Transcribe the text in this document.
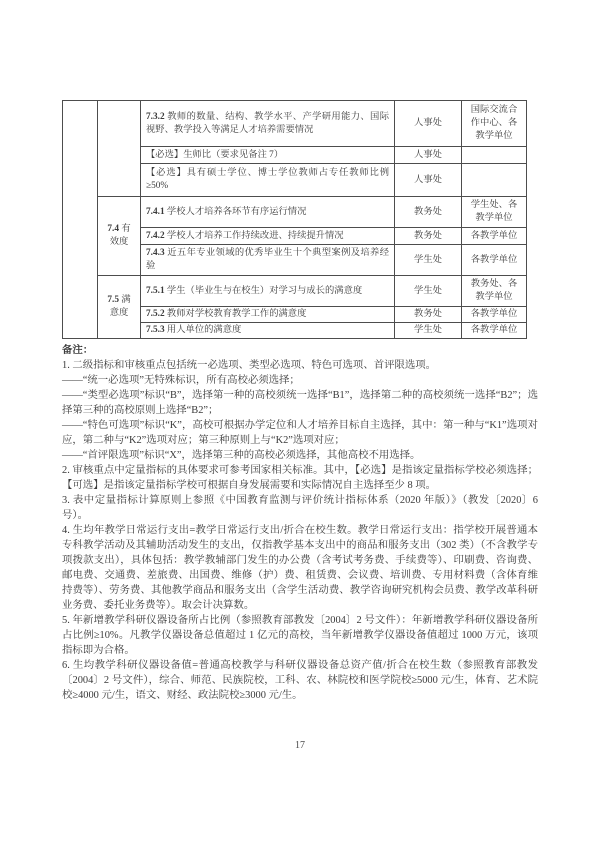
		7.3.2 教师的数量、结构、教学水平、产学研用能力、国际视野、教学投入等满足人才培养需要情况	人事处	国际交流合作中心、各教学单位
		【必选】生师比（要求见备注 7）	人事处	
		【必选】具有硕士学位、博士学位教师占专任教师比例≥50%	人事处	
	7.4 有效度	7.4.1 学校人才培养各环节有序运行情况	教务处	学生处、各教学单位
		7.4.2 学校人才培养工作持续改进、持续提升情况	教务处	各教学单位
		7.4.3 近五年专业领域的优秀毕业生十个典型案例及培养经验	学生处	各教学单位
	7.5 满意度	7.5.1 学生（毕业生与在校生）对学习与成长的满意度	学生处	教务处、各教学单位
		7.5.2 教师对学校教育教学工作的满意度	教务处	各教学单位
		7.5.3 用人单位的满意度	学生处	各教学单位

备注：

1. 二级指标和审核重点包括统一必选项、类型必选项、特色可选项、首评限选项。

——“统一必选项”无特殊标识，所有高校必须选择；

——“类型必选项”标识“B”，选择第一种的高校须统一选择“B1”，选择第二种的高校须统一选择“B2”；选择第三种的高校原则上选择“B2”；

——“特色可选项”标识“K”，高校可根据办学定位和人才培养目标自主选择，其中：第一种与“K1”选项对应，第二种与“K2”选项对应；第三种原则上与“K2”选项对应；

——“首评限选项”标识“X”，选择第三种的高校必须选择，其他高校不用选择。

2. 审核重点中定量指标的具体要求可参考国家相关标准。其中，【必选】是指该定量指标学校必须选择；【可选】是指该定量指标学校可根据自身发展需要和实际情况自主选择至少 8 项。

3. 表中定量指标计算原则上参照《中国教育监测与评价统计指标体系（2020 年版）》（教发〔2020〕6 号）。

4. 生均年教学日常运行支出=教学日常运行支出/折合在校生数。教学日常运行支出：指学校开展普通本专科教学活动及其辅助活动发生的支出，仅指教学基本支出中的商品和服务支出（302 类）（不含教学专项拨款支出），具体包括：教学教辅部门发生的办公费（含考试考务费、手续费等）、印刷费、咨询费、邮电费、交通费、差旅费、出国费、维修（护）费、租赁费、会议费、培训费、专用材料费（含体育维持费等）、劳务费、其他教学商品和服务支出（含学生活动费、教学咨询研究机构会员费、教学改革科研业务费、委托业务费等）。取会计决算数。

5. 年新增教学科研仪器设备所占比例（参照教育部教发〔2004〕2 号文件）：年新增教学科研仪器设备所占比例≥10%。凡教学仪器设备总值超过 1 亿元的高校，当年新增教学仪器设备值超过 1000 万元，该项指标即为合格。

6. 生均教学科研仪器设备值=普通高校教学与科研仪器设备总资产值/折合在校生数（参照教育部教发〔2004〕2 号文件），综合、师范、民族院校，工科、农、林院校和医学院校≥5000 元/生，体育、艺术院校≥4000 元/生，语文、财经、政法院校≥3000 元/生。

17
